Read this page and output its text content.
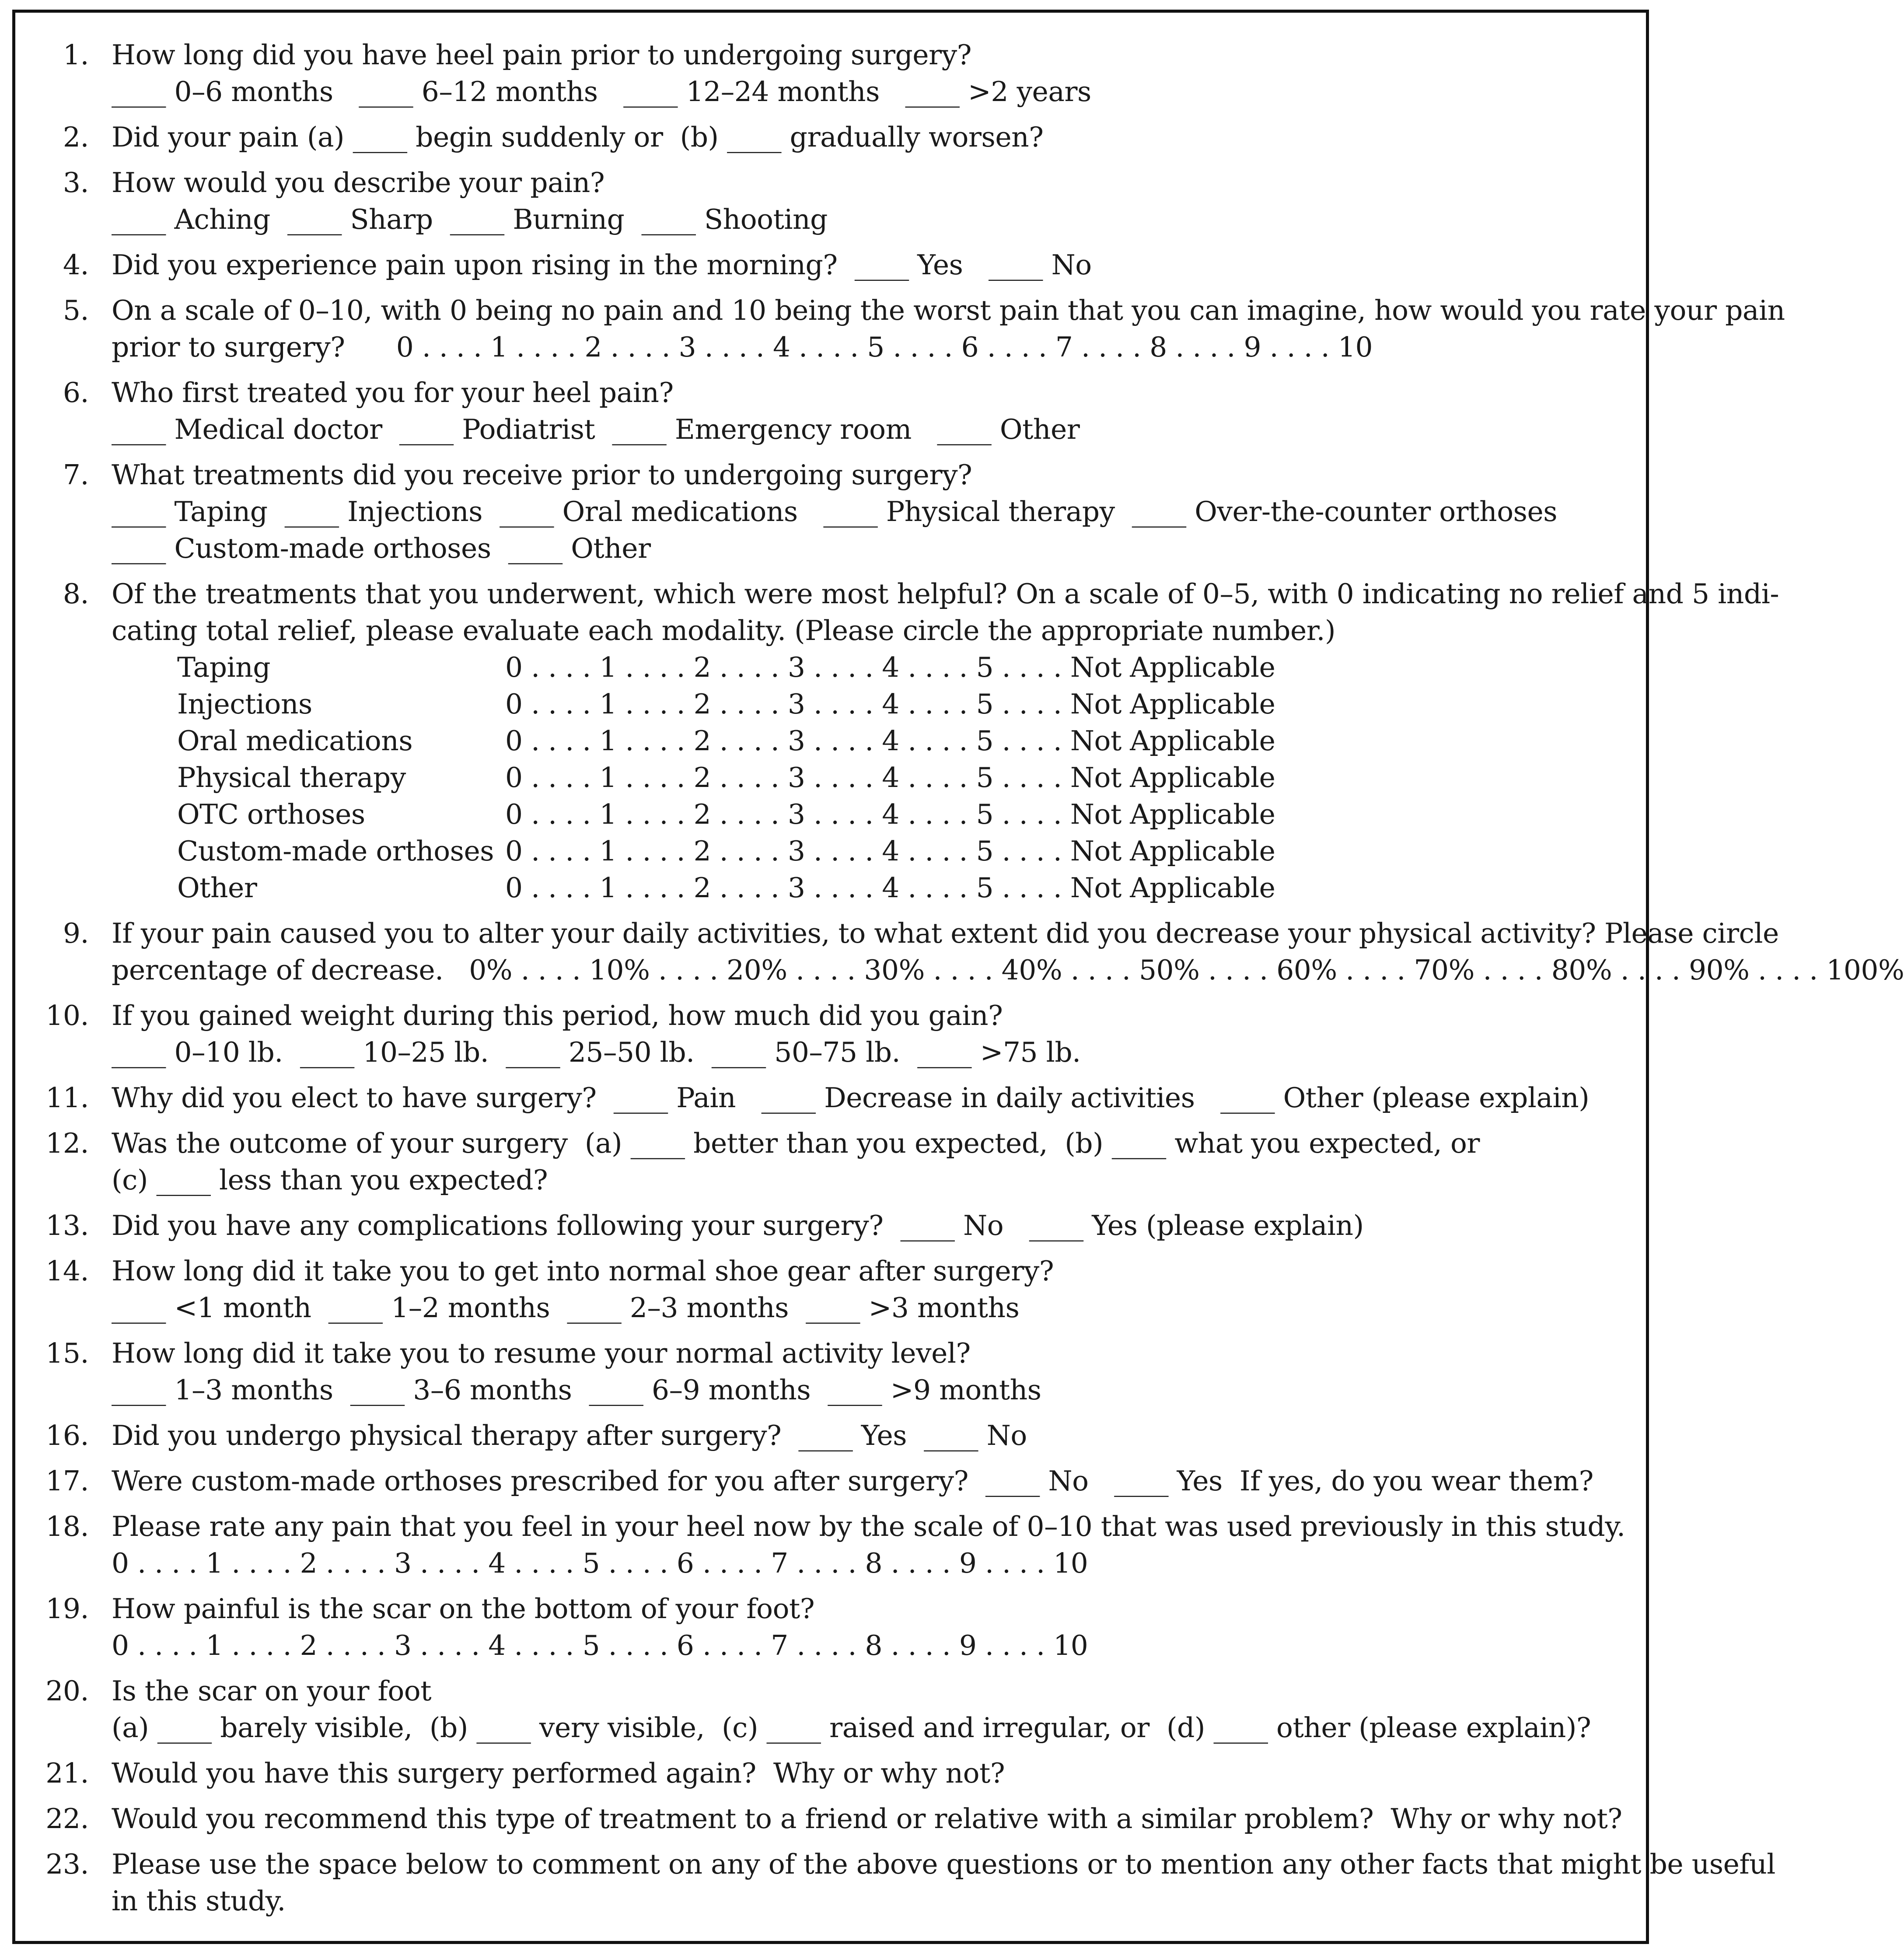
1. How long did you have heel pain prior to undergoing surgery?
____ 0–6 months   ____ 6–12 months   ____ 12–24 months   ____ >2 years
2. Did your pain (a) ____ begin suddenly or  (b) ____ gradually worsen?
3. How would you describe your pain?
____ Aching  ____ Sharp  ____ Burning  ____ Shooting
4. Did you experience pain upon rising in the morning?  ____ Yes   ____ No
5. On a scale of 0–10, with 0 being no pain and 10 being the worst pain that you can imagine, how would you rate your pain
prior to surgery?      0 . . . . 1 . . . . 2 . . . . 3 . . . . 4 . . . . 5 . . . . 6 . . . . 7 . . . . 8 . . . . 9 . . . . 10
6. Who first treated you for your heel pain?
____ Medical doctor  ____ Podiatrist  ____ Emergency room   ____ Other
7. What treatments did you receive prior to undergoing surgery?
____ Taping  ____ Injections  ____ Oral medications   ____ Physical therapy  ____ Over-the-counter orthoses
____ Custom-made orthoses  ____ Other
8. Of the treatments that you underwent, which were most helpful? On a scale of 0–5, with 0 indicating no relief and 5 indi-
cating total relief, please evaluate each modality. (Please circle the appropriate number.)
Taping	0 . . . . 1 . . . . 2 . . . . 3 . . . . 4 . . . . 5 . . . . Not Applicable
Injections	0 . . . . 1 . . . . 2 . . . . 3 . . . . 4 . . . . 5 . . . . Not Applicable
Oral medications	0 . . . . 1 . . . . 2 . . . . 3 . . . . 4 . . . . 5 . . . . Not Applicable
Physical therapy	0 . . . . 1 . . . . 2 . . . . 3 . . . . 4 . . . . 5 . . . . Not Applicable
OTC orthoses	0 . . . . 1 . . . . 2 . . . . 3 . . . . 4 . . . . 5 . . . . Not Applicable
Custom-made orthoses 0 . . . . 1 . . . . 2 . . . . 3 . . . . 4 . . . . 5 . . . . Not Applicable
Other	0 . . . . 1 . . . . 2 . . . . 3 . . . . 4 . . . . 5 . . . . Not Applicable
9. If your pain caused you to alter your daily activities, to what extent did you decrease your physical activity? Please circle
percentage of decrease.   0% . . . . 10% . . . . 20% . . . . 30% . . . . 40% . . . . 50% . . . . 60% . . . . 70% . . . . 80% . . . . 90% . . . . 100%
10. If you gained weight during this period, how much did you gain?
____ 0–10 lb.  ____ 10–25 lb.  ____ 25–50 lb.  ____ 50–75 lb.  ____ >75 lb.
11. Why did you elect to have surgery?  ____ Pain   ____ Decrease in daily activities   ____ Other (please explain)
12. Was the outcome of your surgery  (a) ____ better than you expected,  (b) ____ what you expected, or
(c) ____ less than you expected?
13. Did you have any complications following your surgery?  ____ No   ____ Yes (please explain)
14. How long did it take you to get into normal shoe gear after surgery?
____ <1 month  ____ 1–2 months  ____ 2–3 months  ____ >3 months
15. How long did it take you to resume your normal activity level?
____ 1–3 months  ____ 3–6 months  ____ 6–9 months  ____ >9 months
16. Did you undergo physical therapy after surgery?  ____ Yes  ____ No
17. Were custom-made orthoses prescribed for you after surgery?  ____ No   ____ Yes  If yes, do you wear them?
18. Please rate any pain that you feel in your heel now by the scale of 0–10 that was used previously in this study.
0 . . . . 1 . . . . 2 . . . . 3 . . . . 4 . . . . 5 . . . . 6 . . . . 7 . . . . 8 . . . . 9 . . . . 10
19. How painful is the scar on the bottom of your foot?
0 . . . . 1 . . . . 2 . . . . 3 . . . . 4 . . . . 5 . . . . 6 . . . . 7 . . . . 8 . . . . 9 . . . . 10
20. Is the scar on your foot
(a) ____ barely visible,  (b) ____ very visible,  (c) ____ raised and irregular, or  (d) ____ other (please explain)?
21. Would you have this surgery performed again?  Why or why not?
22. Would you recommend this type of treatment to a friend or relative with a similar problem?  Why or why not?
23. Please use the space below to comment on any of the above questions or to mention any other facts that might be useful
in this study.
